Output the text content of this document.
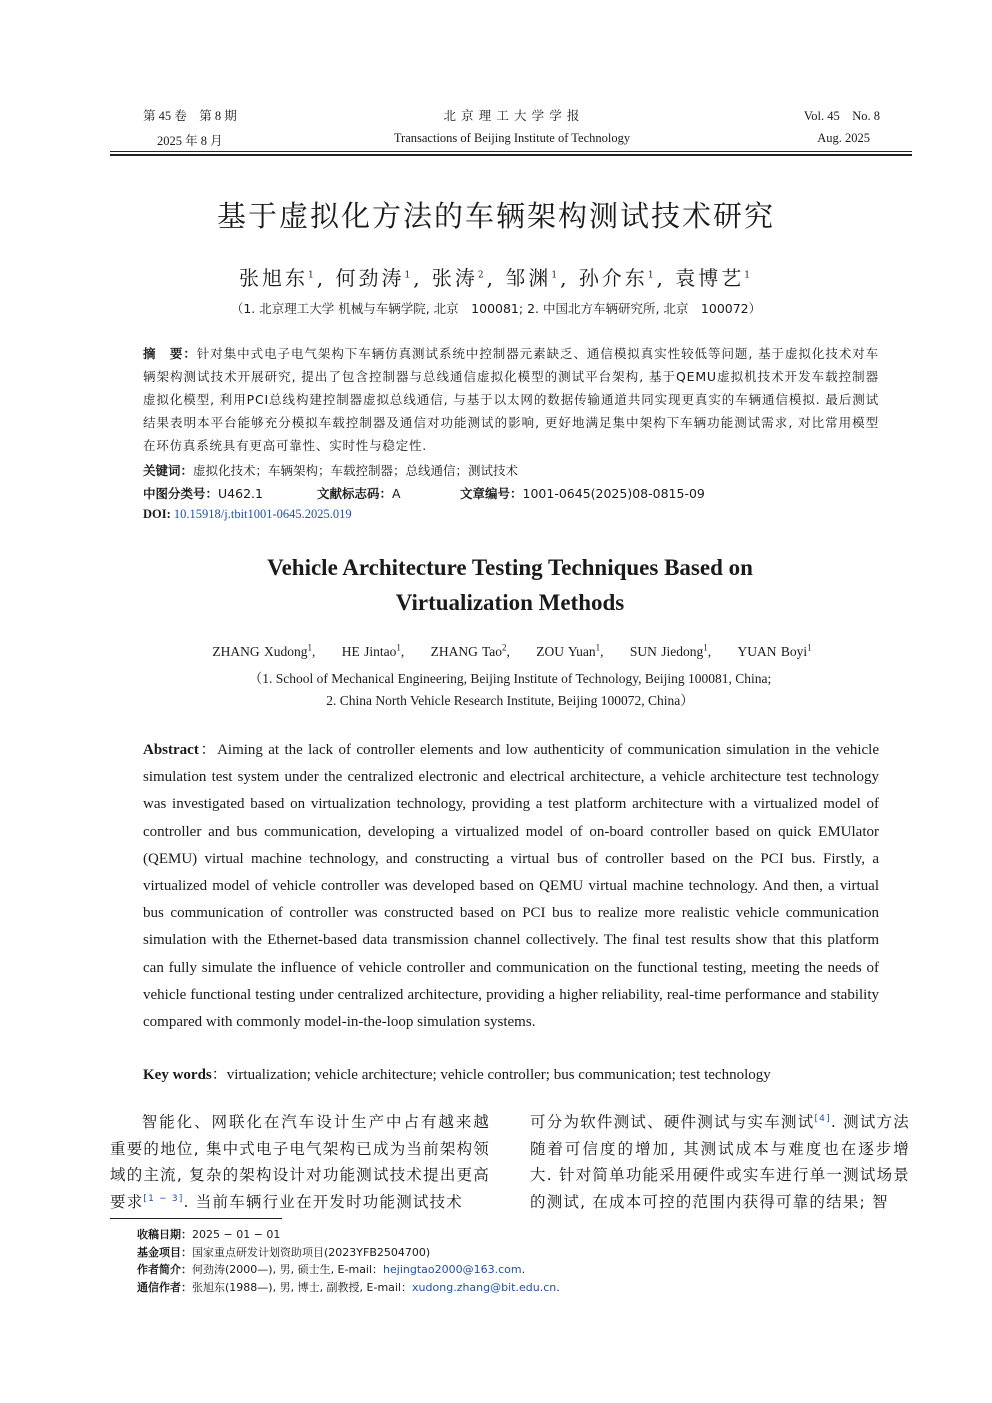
第 45 卷　第 8 期
2025 年 8 月
北 京 理 工 大 学 学 报
Transactions of Beijing Institute of Technology
Vol. 45　No. 8
Aug. 2025
基于虚拟化方法的车辆架构测试技术研究
张旭东$^1$, 何劲涛$^1$, 张涛$^2$, 邹渊$^1$, 孙介东$^1$, 袁博艺$^1$
（1. 北京理工大学 机械与车辆学院, 北京　100081; 2. 中国北方车辆研究所, 北京　100072）
摘　要：针对集中式电子电气架构下车辆仿真测试系统中控制器元素缺乏、通信模拟真实性较低等问题, 基于虚拟化技术对车辆架构测试技术开展研究, 提出了包含控制器与总线通信虚拟化模型的测试平台架构, 基于QEMU虚拟机技术开发车载控制器虚拟化模型, 利用PCI总线构建控制器虚拟总线通信, 与基于以太网的数据传输通道共同实现更真实的车辆通信模拟. 最后测试结果表明本平台能够充分模拟车载控制器及通信对功能测试的影响, 更好地满足集中架构下车辆功能测试需求, 对比常用模型在环仿真系统具有更高可靠性、实时性与稳定性.
关键词：虚拟化技术；车辆架构；车载控制器；总线通信；测试技术
中图分类号：U462.1	文献标志码：A	文章编号：1001-0645(2025)08-0815-09
DOI: 10.15918/j.tbit1001-0645.2025.019
Vehicle Architecture Testing Techniques Based on
Virtualization Methods
ZHANG Xudong$^1$, HE Jintao$^1$, ZHANG Tao$^2$, ZOU Yuan$^1$, SUN Jiedong$^1$, YUAN Boyi$^1$
（1. School of Mechanical Engineering, Beijing Institute of Technology, Beijing 100081, China;
2. China North Vehicle Research Institute, Beijing 100072, China）
Abstract：Aiming at the lack of controller elements and low authenticity of communication simulation in the vehicle simulation test system under the centralized electronic and electrical architecture, a vehicle architecture test technology was investigated based on virtualization technology, providing a test platform architecture with a virtualized model of controller and bus communication, developing a virtualized model of on-board controller based on quick EMUlator (QEMU) virtual machine technology, and constructing a virtual bus of controller based on the PCI bus. Firstly, a virtualized model of vehicle controller was developed based on QEMU virtual machine technology. And then, a virtual bus communication of controller was constructed based on PCI bus to realize more realistic vehicle communication simulation with the Ethernet-based data transmission channel collectively. The final test results show that this platform can fully simulate the influence of vehicle controller and communication on the functional testing, meeting the needs of vehicle functional testing under centralized architecture, providing a higher reliability, real-time performance and stability compared with commonly model-in-the-loop simulation systems.
Key words：virtualization; vehicle architecture; vehicle controller; bus communication; test technology
智能化、网联化在汽车设计生产中占有越来越重要的地位, 集中式电子电气架构已成为当前架构领域的主流, 复杂的架构设计对功能测试技术提出更高要求[1 − 3]. 当前车辆行业在开发时功能测试技术
可分为软件测试、硬件测试与实车测试[4]. 测试方法随着可信度的增加, 其测试成本与难度也在逐步增大. 针对简单功能采用硬件或实车进行单一测试场景的测试, 在成本可控的范围内获得可靠的结果; 智
收稿日期：2025 − 01 − 01
基金项目：国家重点研发计划资助项目(2023YFB2504700)
作者简介：何劲涛(2000—), 男, 硕士生, E-mail：hejingtao2000@163.com.
通信作者：张旭东(1988—), 男, 博士, 副教授, E-mail：xudong.zhang@bit.edu.cn.
